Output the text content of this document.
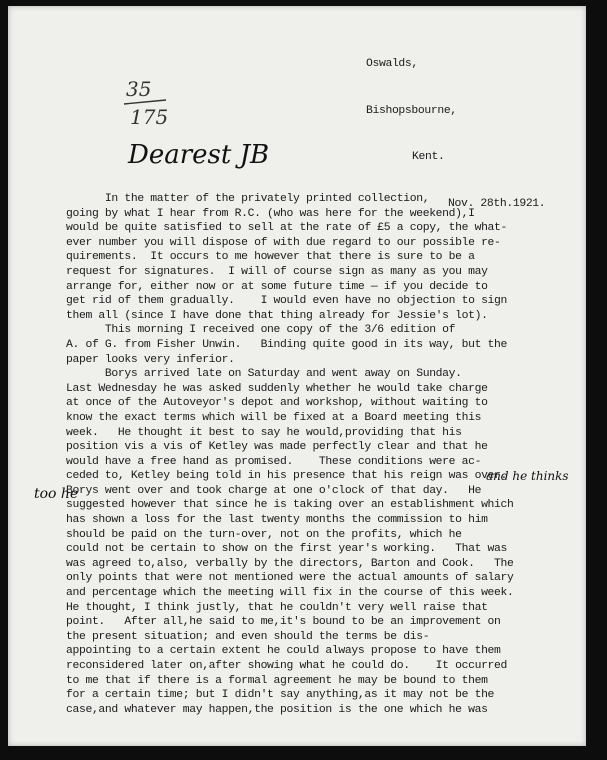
Oswalds,

Bishopsbourne,

Kent.

Nov. 28th.1921.

35
175
Dearest JB
In the matter of the privately printed collection,
going by what I hear from R.C. (who was here for the weekend),I
would be quite satisfied to sell at the rate of £5 a copy, the what-
ever number you will dispose of with due regard to our possible re-
quirements.  It occurs to me however that there is sure to be a
request for signatures.  I will of course sign as many as you may
arrange for, either now or at some future time — if you decide to
get rid of them gradually.    I would even have no objection to sign
them all (since I have done that thing already for Jessie's lot).
This morning I received one copy of the 3/6 edition of
A. of G. from Fisher Unwin.   Binding quite good in its way, but the
paper looks very inferior.
Borys arrived late on Saturday and went away on Sunday.
Last Wednesday he was asked suddenly whether he would take charge
at once of the Autoveyor's depot and workshop, without waiting to
know the exact terms which will be fixed at a Board meeting this
week.   He thought it best to say he would,providing that his
position vis a vis of Ketley was made perfectly clear and that he
would have a free hand as promised.    These conditions were ac-
ceded to, Ketley being told in his presence that his reign was over.
Borys went over and took charge at one o'clock of that day.   He
suggested however that since he is taking over an establishment which
has shown a loss for the last twenty months the commission to him
should be paid on the turn-over, not on the profits, which he
could not be certain to show on the first year's working.   That was
was agreed to,also, verbally by the directors, Barton and Cook.   The
only points that were not mentioned were the actual amounts of salary
and percentage which the meeting will fix in the course of this week.
He thought, I think justly, that he couldn't very well raise that
point.   After all,he said to me,it's bound to be an improvement on
the present situation; and even should the terms be dis-
appointing to a certain extent he could always propose to have them
reconsidered later on,after showing what he could do.    It occurred
to me that if there is a formal agreement he may be bound to them
for a certain time; but I didn't say anything,as it may not be the
case,and whatever may happen,the position is the one which he was
too he
and he thinks
